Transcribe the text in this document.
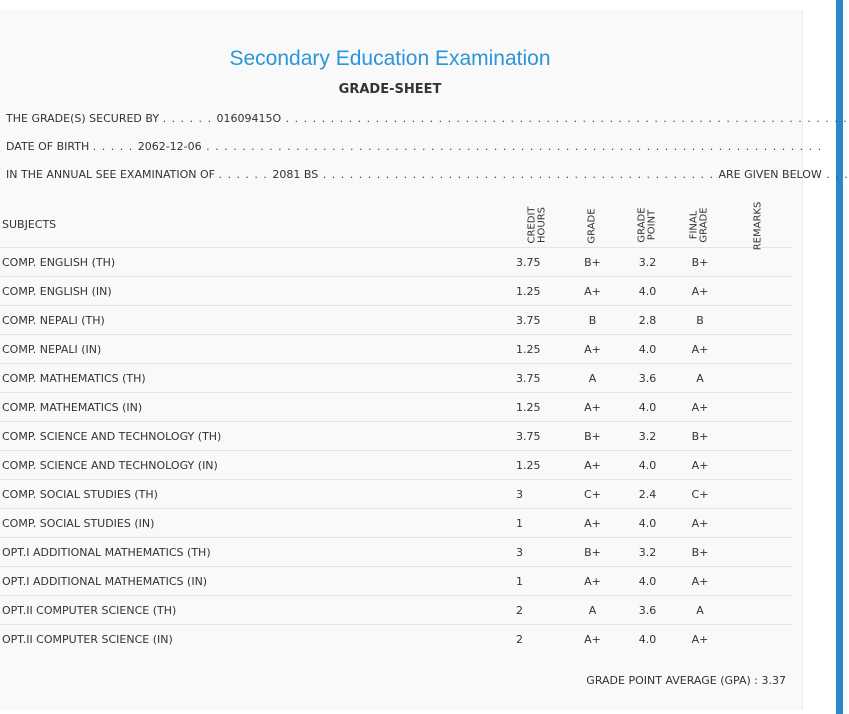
Secondary Education Examination
GRADE-SHEET
THE GRADE(S) SECURED BY . . . . . . 01609415O . . . . . . . . . . . . . . . . . . . . . . . . . . . . . . . . . . . . . . . . . . . . . . . . . . . . . . . . . . . . . . .
DATE OF BIRTH . . . . . 2062-12-06 . . . . . . . . . . . . . . . . . . . . . . . . . . . . . . . . . . . . . . . . . . . . . . . . . . . . . . . . . . . . . . . . . . . . .
IN THE ANNUAL SEE EXAMINATION OF . . . . . . 2081 BS . . . . . . . . . . . . . . . . . . . . . . . . . . . . . . . . . . . . . . . . . . . . ARE GIVEN BELOW . . .
SUBJECTS	CREDIT HOURS	GRADE	GRADE POINT	FINAL GRADE	REMARKS

COMP. ENGLISH (TH)	3.75	B+	3.2	B+	
COMP. ENGLISH (IN)	1.25	A+	4.0	A+	
COMP. NEPALI (TH)	3.75	B	2.8	B	
COMP. NEPALI (IN)	1.25	A+	4.0	A+	
COMP. MATHEMATICS (TH)	3.75	A	3.6	A	
COMP. MATHEMATICS (IN)	1.25	A+	4.0	A+	
COMP. SCIENCE AND TECHNOLOGY (TH)	3.75	B+	3.2	B+	
COMP. SCIENCE AND TECHNOLOGY (IN)	1.25	A+	4.0	A+	
COMP. SOCIAL STUDIES (TH)	3	C+	2.4	C+	
COMP. SOCIAL STUDIES (IN)	1	A+	4.0	A+	
OPT.I ADDITIONAL MATHEMATICS (TH)	3	B+	3.2	B+	
OPT.I ADDITIONAL MATHEMATICS (IN)	1	A+	4.0	A+	
OPT.II COMPUTER SCIENCE (TH)	2	A	3.6	A	
OPT.II COMPUTER SCIENCE (IN)	2	A+	4.0	A+	
GRADE POINT AVERAGE (GPA) : 3.37
